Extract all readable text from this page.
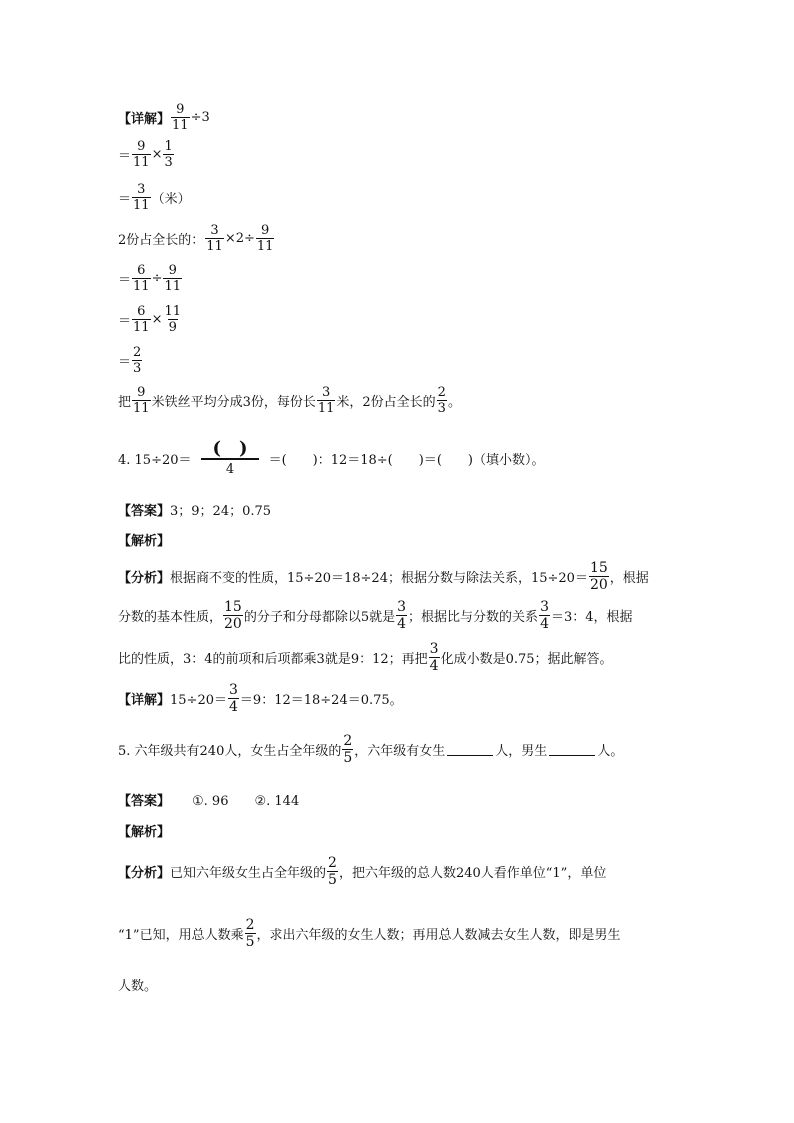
【详解】 $\frac{9}{11} \div 3$
＝ $\frac{9}{11} \times \frac{1}{3}$
＝ $\frac{3}{11}$ （米）
2份占全长的： $\frac{3}{11} \times 2\div \frac{9}{11}$
＝ $\frac{6}{11} \div \frac{9}{11}$
＝ $\frac{6}{11} \times \frac{11}{9}$
＝ $\frac{2}{3}$
把 $\frac{9}{11}$ 米铁丝平均分成3份，每份长 $\frac{3}{11}$ 米，2份占全长的 $\frac{2}{3}$ 。
4. 15÷20＝
()
4
＝(　　)：12＝18÷(　　)＝(　　)（填小数）。
【答案】 3；9；24；0.75
【解析】
【分析】 根据商不变的性质，15÷20＝18÷24；根据分数与除法关系，$15\div 20= \frac{15}{20}$ ，根据
分数的基本性质， $\frac{15}{20}$ 的分子和分母都除以5就是 $\frac{3}{4}$ ；根据比与分数的关系 $\frac{3}{4} =3$：4，根据
比的性质，3：4的前项和后项都乘3就是9：12；再把 $\frac{3}{4}$ 化成小数是0.75；据此解答。
【详解】 $15\div 20= \frac{3}{4} =9$：12＝18÷24＝0.75。
5. 六年级共有240人，女生占全年级的 $\frac{2}{5}$ ，六年级有女生	人，男生	人。
【答案】 ①. 96　　②. 144
【解析】
【分析】 已知六年级女生占全年级的 $\frac{2}{5}$ ，把六年级的总人数240人看作单位“1”，单位
“1”已知，用总人数乘 $\frac{2}{5}$ ，求出六年级的女生人数；再用总人数减去女生人数，即是男生
人数。
